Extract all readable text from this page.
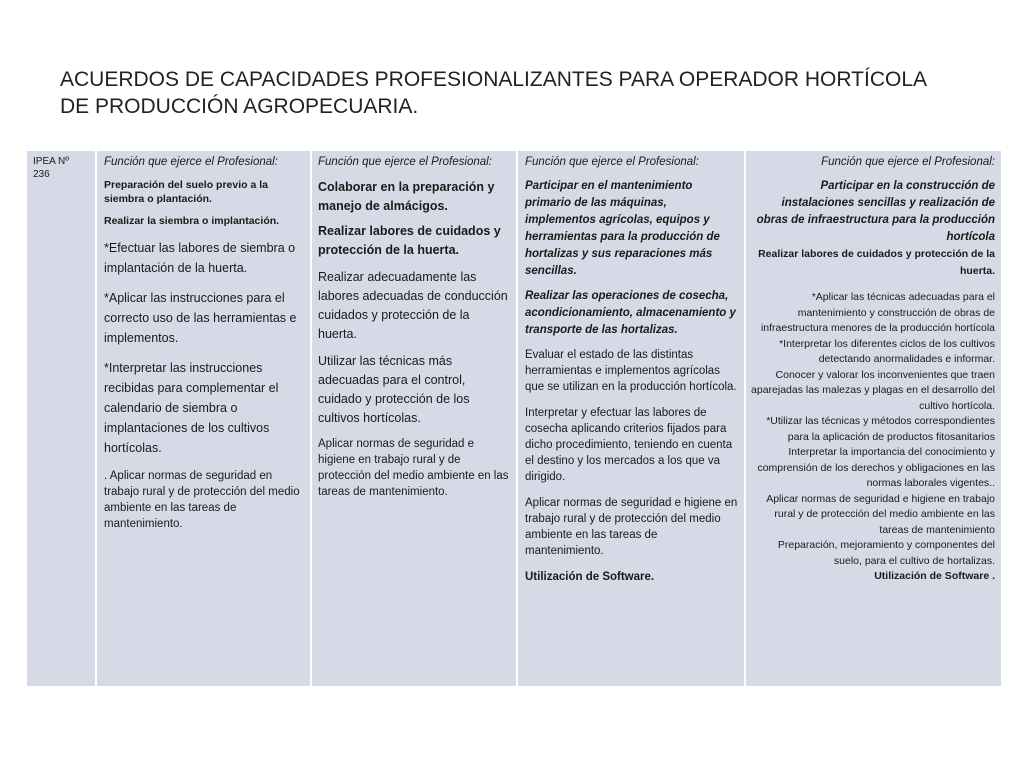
ACUERDOS DE CAPACIDADES PROFESIONALIZANTES PARA OPERADOR HORTÍCOLA
DE PRODUCCIÓN AGROPECUARIA.
IPEA Nº
236
Función que ejerce el Profesional:
Preparación del suelo previo a la siembra o plantación.
Realizar la siembra o implantación.
*Efectuar las labores de siembra o implantación de la huerta.
*Aplicar las instrucciones para el correcto uso de las herramientas e implementos.
*Interpretar las instrucciones recibidas para complementar el calendario de siembra o implantaciones de los cultivos hortícolas.
. Aplicar normas de seguridad en trabajo rural y de protección del medio ambiente en las tareas de mantenimiento.
Función que ejerce el Profesional:
Colaborar en la preparación y manejo de almácigos.
Realizar labores de cuidados y protección de la huerta.
Realizar adecuadamente las labores adecuadas de conducción cuidados y protección de la huerta.
Utilizar las técnicas más adecuadas para el control, cuidado y protección de los cultivos hortícolas.
Aplicar normas de seguridad e higiene en trabajo rural y de protección del medio ambiente en las tareas de mantenimiento.
Función que ejerce el Profesional:
Participar en el mantenimiento primario de las máquinas, implementos agrícolas, equipos y herramientas para la producción de hortalizas y sus reparaciones más sencillas.
Realizar las operaciones de cosecha, acondicionamiento, almacenamiento y transporte de las hortalizas.
Evaluar el estado de las distintas herramientas e implementos agrícolas que se utilizan en la producción hortícola.
Interpretar y efectuar las labores de cosecha aplicando criterios fijados para dicho procedimiento, teniendo en cuenta el destino y los mercados a los que va dirigido.
Aplicar normas de seguridad e higiene en trabajo rural y de protección del medio ambiente en las tareas de mantenimiento.
Utilización de Software.
Función que ejerce el Profesional:
Participar en la construcción de instalaciones sencillas y realización de obras de infraestructura para la producción hortícola
Realizar labores de cuidados y protección de la huerta.
*Aplicar las técnicas adecuadas para el mantenimiento y construcción de obras de infraestructura menores de la producción hortícola
*Interpretar los diferentes ciclos de los cultivos detectando anormalidades e informar.
Conocer y valorar los inconvenientes que traen aparejadas las malezas y plagas en el desarrollo del cultivo hortícola.
*Utilizar las técnicas y métodos correspondientes para la aplicación de productos fitosanitarios
Interpretar la importancia del conocimiento y comprensión de los derechos y obligaciones en las normas laborales vigentes..
Aplicar normas de seguridad e higiene en trabajo rural y de protección del medio ambiente en las tareas de mantenimiento
Preparación, mejoramiento y componentes del suelo, para el cultivo de hortalizas.
Utilización de Software .
